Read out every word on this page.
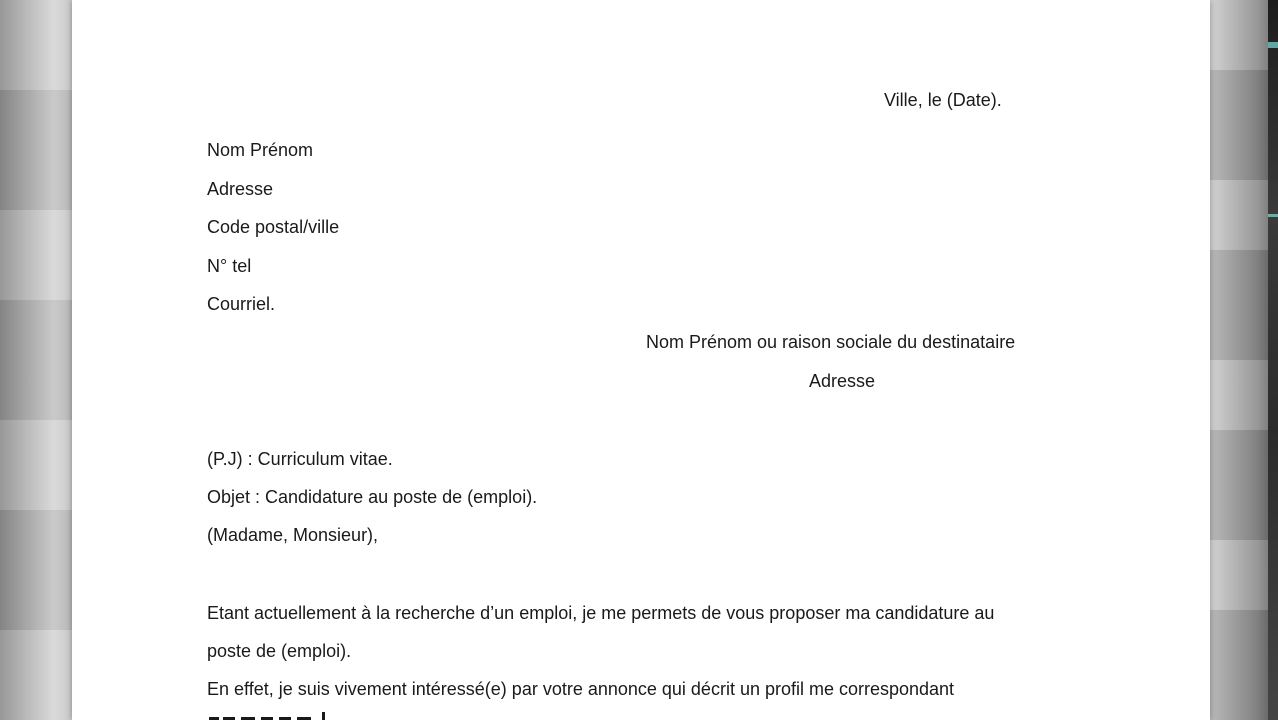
Ville, le (Date).
Nom Prénom
Adresse
Code postal/ville
N° tel
Courriel.
Nom Prénom ou raison sociale du destinataire
Adresse
(P.J) : Curriculum vitae.
Objet : Candidature au poste de (emploi).
(Madame, Monsieur),
Etant actuellement à la recherche d’un emploi, je me permets de vous proposer ma candidature au
poste de (emploi).
En effet, je suis vivement intéressé(e) par votre annonce qui décrit un profil me correspondant
